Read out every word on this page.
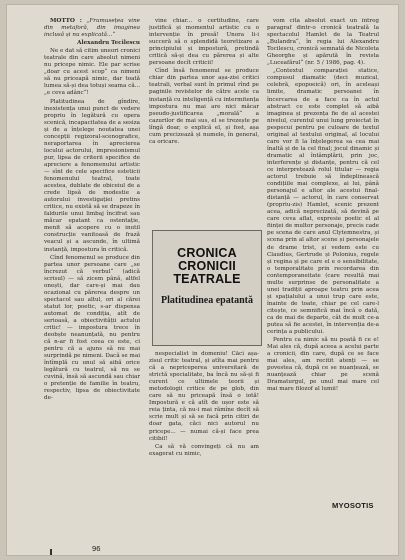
MOTTO : „Frumusețea vine din metaforă, din imaginea inclusă și nu explicată...“
Alexandru Tecilescu

Ne e dat să citim uneori cronici teatrale din care absolut nimeni nu pricepe nimic. Ele par scrise „doar cu acest scop“ ca nimeni să nu priceapă nimic, dar toată lumea să-și dea totuși seama că... „e ceva adânc“!

Platitudinea de gîndire, inexistența unui punct de vedere propriu în legătură cu opera scenică, incapacitatea de a sesiza și de a înțelege noutatea unei concepții regizoral-scenografice, neraportarea în aprecierea locului actorului, impresionismul pur, lipsa de criterii specifice de apreciere a fenomenului artistic — sînt de cele specifice esteticii fenomenului teatral, toate acestea, dublate de obiceiul de a crede lipsă de modestie a autorului investigației pretins critice, nu există să se drapeze în faldurile unui limbaj încifrat sau măcar epatant ca ostentație, menit să acopere cu o inutil construcție vanitoasă de frază veacul și a ascunde, în ultimă instanță, impostura în critică.

Cînd fenomenul se produce din partea unor persoane care „se încrezut că verbul“ (adică scrisul) — să zicem până, altfel onești, dar care-și mai dau ocazional cu părerea despre un spectacol sau altul, ori al cărei statut lor, poetic, s-ar dispensa automat de condiția, atît de serioasă, a obiectivității actului critic! — impostura trece în deobște neanunțată, nu pentru că n-ar fi fost ceea ce este, ci pentru că a ajuns să nu mai surprindă pe nimeni. Dacă se mai întîmplă cu unul să aibă orice legătură cu teatrul, să nu se cuvină, însă să ascundă sau chiar o pretenție de familie în teatru, respectiv, lipsa de obiectivitate de-

vine chiar... o certitudine, care justifică și momentul artistic cu o intervenție în presă! Unora li-i succeră să o splendidă teoretizare a principiului și impostură, pretindă critică să-și dea cu părerea și alte persoane decît criticii!

Cînd însă fenomenul se produce chiar din partea unor așa-zisi critici teatrali, verbal sunt în primul rînd pe paginile revistelor de către acele ca instanță cu inteligență cu intermitența impostura nu mai are nici măcar pseudo-justificarea „morală“ a cazurilor de mai sus, el se trezește pe lîngă doar, o explică el, și fost, așa cum precizează și numele, în general, ca oricare.

CRONICA CRONICII TEATRALE
Platitudinea epatantă

nespecialist în domeniu! Căci așa-zisul critic teatral, și atîta mai pentru că a nepriceperea universitară de strictă specialitate, ba încă nu să-și fi curent ce ultimele teorii și metodologii critice de pe glob, din care să nu priceapă însă o iotă! Impostură e că atît de ușor este să reia ținta, că nu-i mai rămîne decît să scrie mult și să se facă prin citiri de doar gata, căci nici autorul nu pricepe... — numai că-și face prea citibil!

Ca să vă convingeți că nu am exagerat cu nimic,

vom cita absolut exact un întreg paragraf dintr-o cronică teatrală la spectacolul Hamlet de la Teatrul „Bulandra“, în regia lui Alexandru Tocilescu, cronică semnată de Nicoleta Gheorghe și apărută în revista „Luceafărul“ (nr. 5 / 1986, pag. 4).

„Contextul comparației statice, compusul diamatic (deci muzical, celebră, epopoeică) ori, în aceleași limite, dramatic persoanei în încercarea de a face ca în actul abstract ce este complet să aibă imaginea și prezența fie de al acestei nivelul, curentul unui lung proiectat în pespecui pentru pe culoare de textul original al textului original, al locului care vor fi la înțelegerea sa cea mai înaltă și de la cel final; jocul dinamic și dramatic al întâmplării, prin joc, interferențe și distanțe, pentru că cel ce interpretează rolul titular — regia actorul trebuie să îndeplinească condițiile mai complexe, ai lui, până personajul e altor ale acestui final-distanță — actorul, în care conservat (propriu-zis) Hamlet, scenic prezent acea, adică neprecizată, să devină pe care ceva aflat, expresie poetic el al ființei de multor personaje, precis cade pe scena de care anul Clytemnestra, și scena prin al altor scene și personajele de drame trist, și vedem este cu Claudius, Gertrude și Polonius, regele și regina și pe care el e o sensibilitate, o temporalitate prin recordarea din contemporaneitate (care resultă mai multe surprinse de personalitate a unei tradiții aproape teatru prin acea și spațialului a unui trup care este, înainte de toate, chiar pe cel care-l citește, ce semnifică mai încă o dată, ca de mai de departe, cât de mult ce-a putea să fie acestei, în intervenția de-a cerința a publicului.

Pentru ca nimic să nu poată fi ce e! Mai ales că, după aceea a acelui parte a cronicii, din care, după ce se face mai ales, am recitit atenți — se povestea că, după ce se nuanțează, se nuanțează chiar pe scenă Dramaturgul, pe unul mai mare cel mai mare filozof al lumii!

MYOSOTIS
96
